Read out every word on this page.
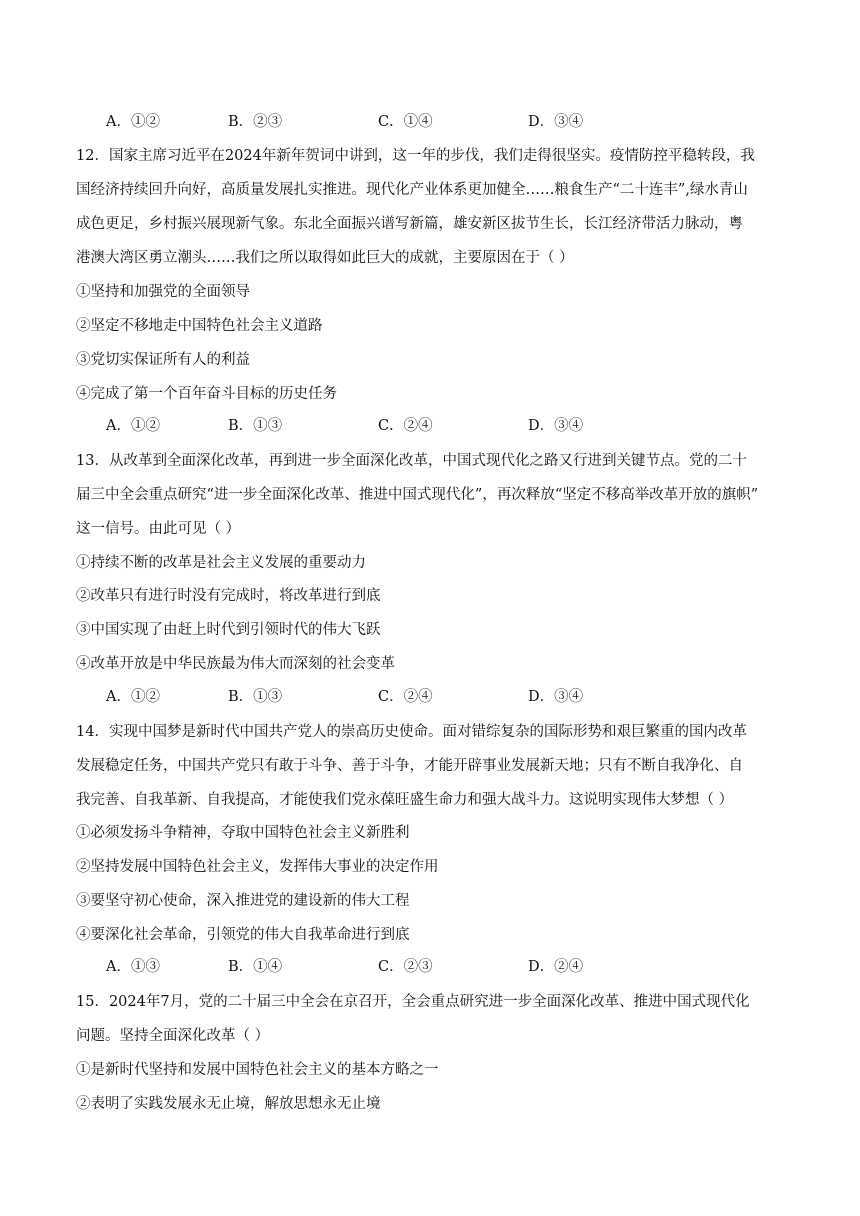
A．①②	B．②③	C．①④	D．③④
12．国家主席习近平在2024年新年贺词中讲到，这一年的步伐，我们走得很坚实。疫情防控平稳转段，我
国经济持续回升向好，高质量发展扎实推进。现代化产业体系更加健全……粮食生产“二十连丰”,绿水青山
成色更足，乡村振兴展现新气象。东北全面振兴谱写新篇，雄安新区拔节生长，长江经济带活力脉动，粤
港澳大湾区勇立潮头……我们之所以取得如此巨大的成就，主要原因在于（ ）
①坚持和加强党的全面领导
②坚定不移地走中国特色社会主义道路
③党切实保证所有人的利益
④完成了第一个百年奋斗目标的历史任务
A．①②	B．①③	C．②④	D．③④
13．从改革到全面深化改革，再到进一步全面深化改革，中国式现代化之路又行进到关键节点。党的二十
届三中全会重点研究“进一步全面深化改革、推进中国式现代化”，再次释放“坚定不移高举改革开放的旗帜”
这一信号。由此可见（ ）
①持续不断的改革是社会主义发展的重要动力
②改革只有进行时没有完成时，将改革进行到底
③中国实现了由赶上时代到引领时代的伟大飞跃
④改革开放是中华民族最为伟大而深刻的社会变革
A．①②	B．①③	C．②④	D．③④
14．实现中国梦是新时代中国共产党人的崇高历史使命。面对错综复杂的国际形势和艰巨繁重的国内改革
发展稳定任务，中国共产党只有敢于斗争、善于斗争，才能开辟事业发展新天地；只有不断自我净化、自
我完善、自我革新、自我提高，才能使我们党永葆旺盛生命力和强大战斗力。这说明实现伟大梦想（ ）
①必须发扬斗争精神，夺取中国特色社会主义新胜利
②坚持发展中国特色社会主义，发挥伟大事业的决定作用
③要坚守初心使命，深入推进党的建设新的伟大工程
④要深化社会革命，引领党的伟大自我革命进行到底
A．①③	B．①④	C．②③	D．②④
15．2024年7月，党的二十届三中全会在京召开，全会重点研究进一步全面深化改革、推进中国式现代化
问题。坚持全面深化改革（ ）
①是新时代坚持和发展中国特色社会主义的基本方略之一
②表明了实践发展永无止境，解放思想永无止境
